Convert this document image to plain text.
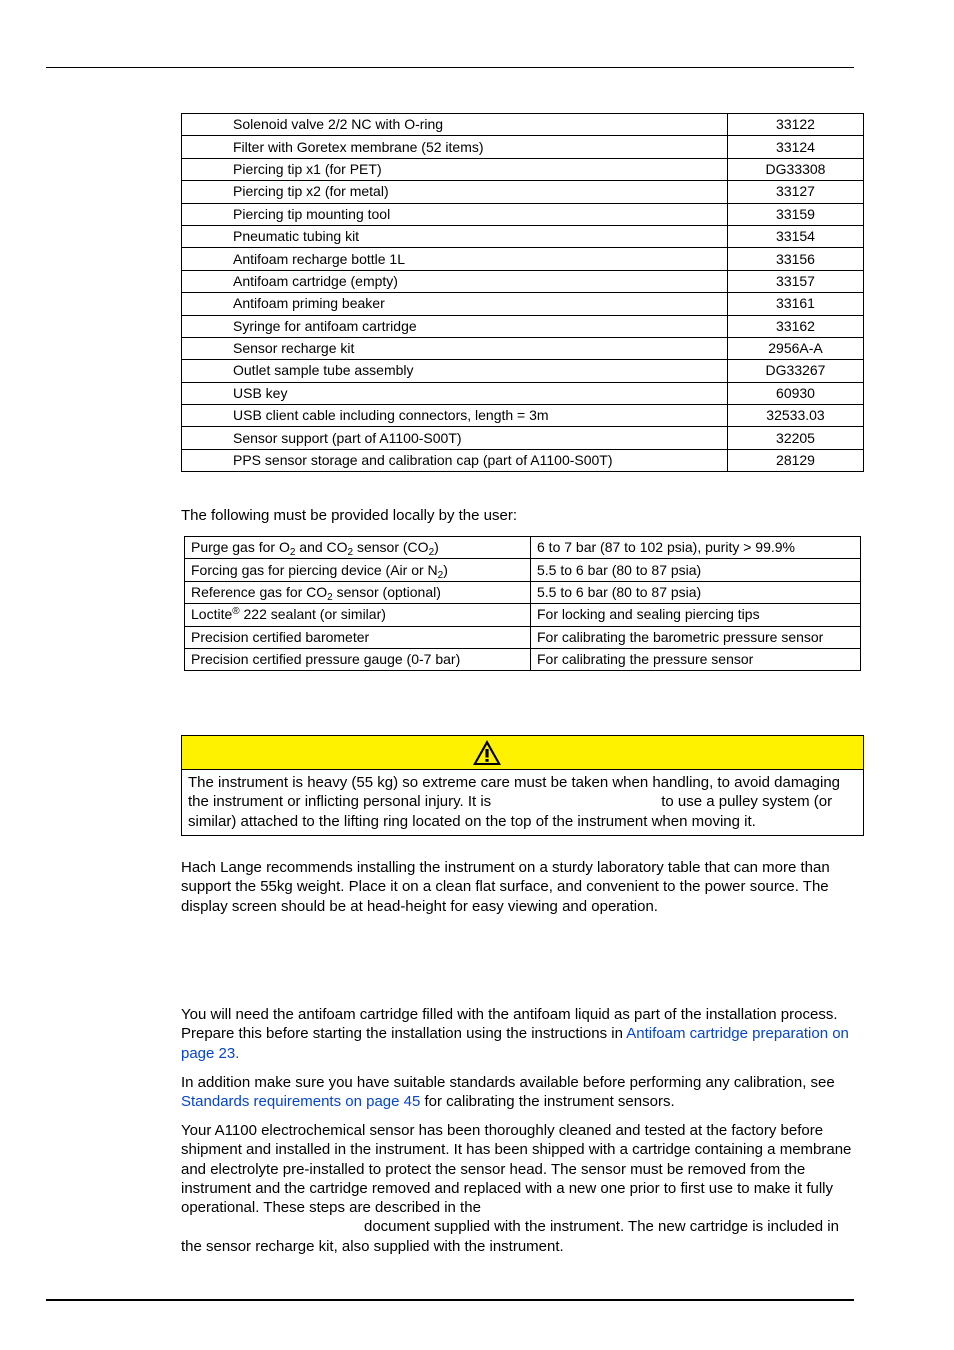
Solenoid valve 2/2 NC with O-ring	33122
Filter with Goretex membrane (52 items)	33124
Piercing tip x1 (for PET)	DG33308
Piercing tip x2 (for metal)	33127
Piercing tip mounting tool	33159
Pneumatic tubing kit	33154
Antifoam recharge bottle 1L	33156
Antifoam cartridge (empty)	33157
Antifoam priming beaker	33161
Syringe for antifoam cartridge	33162
Sensor recharge kit	2956A-A
Outlet sample tube assembly	DG33267
USB key	60930
USB client cable including connectors, length = 3m	32533.03
Sensor support (part of A1100-S00T)	32205
PPS sensor storage and calibration cap (part of A1100-S00T)	28129
The following must be provided locally by the user:
Purge gas for $O_2$ and $CO_2$ sensor $(CO_2)$	6 to 7 bar (87 to 102 psia), purity > 99.9%
Forcing gas for piercing device (Air or $N_2$)	5.5 to 6 bar (80 to 87 psia)
Reference gas for $CO_2$ sensor (optional)	5.5 to 6 bar (80 to 87 psia)
Loctite® 222 sealant (or similar)	For locking and sealing piercing tips
Precision certified barometer	For calibrating the barometric pressure sensor
Precision certified pressure gauge (0-7 bar)	For calibrating the pressure sensor
The instrument is heavy (55 kg) so extreme care must be taken when handling, to avoid damaging the instrument or inflicting personal injury. It is	to use a pulley system (or similar) attached to the lifting ring located on the top of the instrument when moving it.
Hach Lange recommends installing the instrument on a sturdy laboratory table that can more than support the 55kg weight. Place it on a clean flat surface, and convenient to the power source. The display screen should be at head-height for easy viewing and operation.
You will need the antifoam cartridge filled with the antifoam liquid as part of the installation process. Prepare this before starting the installation using the instructions in Antifoam cartridge preparation on page 23.
In addition make sure you have suitable standards available before performing any calibration, see Standards requirements on page 45 for calibrating the instrument sensors.
Your A1100 electrochemical sensor has been thoroughly cleaned and tested at the factory before shipment and installed in the instrument. It has been shipped with a cartridge containing a membrane and electrolyte pre-installed to protect the sensor head. The sensor must be removed from the instrument and the cartridge removed and replaced with a new one prior to first use to make it fully operational. These steps are described in the
document supplied with the instrument. The new cartridge is included in the sensor recharge kit, also supplied with the instrument.
